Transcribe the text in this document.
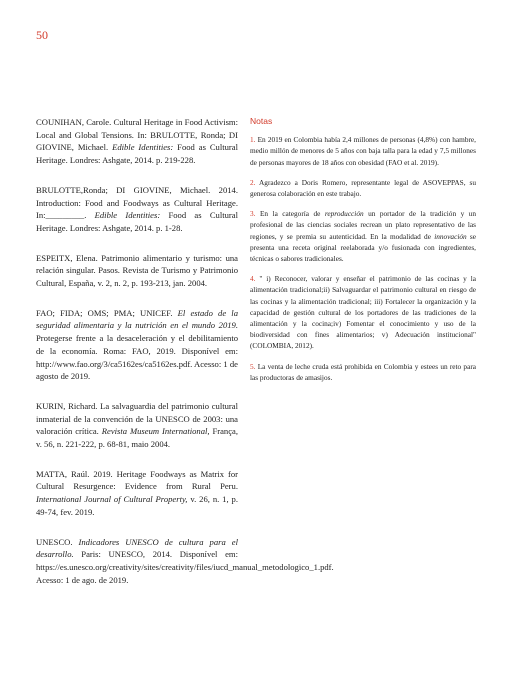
50

COUNIHAN, Carole. Cultural Heritage in Food Activism: Local and Global Tensions. In: BRULOTTE, Ronda; DI GIOVINE, Michael. Edible Identities: Food as Cultural Heritage. Londres: Ashgate, 2014. p. 219-228.

BRULOTTE,Ronda; DI GIOVINE, Michael. 2014. Introduction: Food and Foodways as Cultural Heritage. In:_________. Edible Identities: Food as Cultural Heritage. Londres: Ashgate, 2014. p. 1-28.

ESPEITX, Elena. Patrimonio alimentario y turismo: una relación singular. Pasos. Revista de Turismo y Patrimonio Cultural, España, v. 2, n. 2, p. 193-213, jan. 2004.

FAO; FIDA; OMS; PMA; UNICEF. El estado de la seguridad alimentaria y la nutrición en el mundo 2019. Protegerse frente a la desaceleración y el debilitamiento de la economía. Roma: FAO, 2019. Disponível em: http://www.fao.org/3/ca5162es/ca5162es.pdf. Acesso: 1 de agosto de 2019.

KURIN, Richard. La salvaguardia del patrimonio cultural inmaterial de la convención de la UNESCO de 2003: una valoración crítica. Revista Museum International, França, v. 56, n. 221-222, p. 68-81, maio 2004.

MATTA, Raúl. 2019. Heritage Foodways as Matrix for Cultural Resurgence: Evidence from Rural Peru. International Journal of Cultural Property, v. 26, n. 1, p. 49-74, fev. 2019.

UNESCO. Indicadores UNESCO de cultura para el desarrollo. Paris: UNESCO, 2014. Disponível em: https://es.unesco.org/creativity/sites/creativity/files/iucd_manual_metodologico_1.pdf. Acesso: 1 de ago. de 2019.

Notas

1. En 2019 en Colombia había 2,4 millones de personas (4,8%) con hambre, medio millón de menores de 5 años con baja talla para la edad y 7,5 millones de personas mayores de 18 años con obesidad (FAO et al. 2019).

2. Agradezco a Doris Romero, representante legal de ASOVEPPAS, su generosa colaboración en este trabajo.

3. En la categoría de reproducción un portador de la tradición y un profesional de las ciencias sociales recrean un plato representativo de las regiones, y se premia su autenticidad. En la modalidad de innovación se presenta una receta original reelaborada y/o fusionada con ingredientes, técnicas o sabores tradicionales.

4. " i) Reconocer, valorar y enseñar el patrimonio de las cocinas y la alimentación tradicional;ii) Salvaguardar el patrimonio cultural en riesgo de las cocinas y la alimentación tradicional; iii) Fortalecer la organización y la capacidad de gestión cultural de los portadores de las tradiciones de la alimentación y la cocina;iv) Fomentar el conocimiento y uso de la biodiversidad con fines alimentarios; v) Adecuación institucional" (COLOMBIA, 2012).

5. La venta de leche cruda está prohibida en Colombia y estees un reto para las productoras de amasijos.
